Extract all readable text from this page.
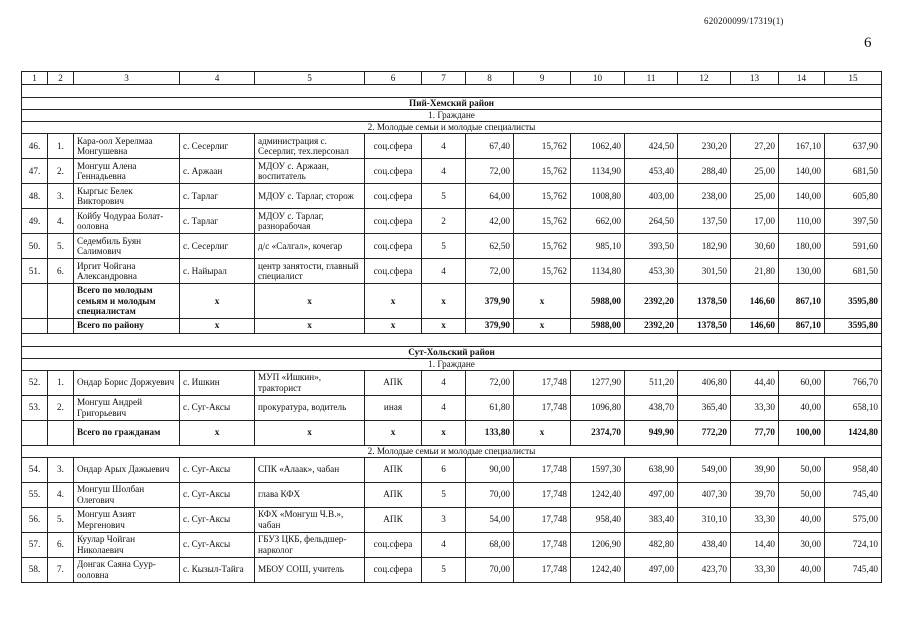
620200099/17319(1)
6
1	2	3	4	5	6	7	8	9	10	11	12	13	14	15

Пий-Хемский район														
1. Граждане														
2. Молодые семьи и молодые специалисты														
46.	1.	Кара-оол Херелмаа Монгушевна	с. Сесерлиг	администрация с. Сесерлиг, тех.персонал	соц.сфера	4	67,40	15,762	1062,40	424,50	230,20	27,20	167,10	637,90
47.	2.	Монгуш Алена Геннадьевна	с. Аржаан	МДОУ с. Аржаан, воспитатель	соц.сфера	4	72,00	15,762	1134,90	453,40	288,40	25,00	140,00	681,50
48.	3.	Кыргыс Белек Викторович	с. Тарлаг	МДОУ с. Тарлаг, сторож	соц.сфера	5	64,00	15,762	1008,80	403,00	238,00	25,00	140,00	605,80
49.	4.	Койбу Чодураа Болат-ооловна	с. Тарлаг	МДОУ с. Тарлаг, разнорабочая	соц.сфера	2	42,00	15,762	662,00	264,50	137,50	17,00	110,00	397,50
50.	5.	Седембиль Буян Салимович	с. Сесерлиг	д/с «Салгал», кочегар	соц.сфера	5	62,50	15,762	985,10	393,50	182,90	30,60	180,00	591,60
51.	6.	Иргит Чойгана Александровна	с. Найырал	центр занятости, главный специалист	соц.сфера	4	72,00	15,762	1134,80	453,30	301,50	21,80	130,00	681,50
		Всего по молодым семьям и молодым специалистам	х	х	х	х	379,90	х	5988,00	2392,20	1378,50	146,60	867,10	3595,80
		Всего по району	х	х	х	х	379,90	х	5988,00	2392,20	1378,50	146,60	867,10	3595,80

Сут-Хольский район														
1. Граждане														
52.	1.	Ондар Борис Доржуевич	с. Ишкин	МУП «Ишкин», тракторист	АПК	4	72,00	17,748	1277,90	511,20	406,80	44,40	60,00	766,70
53.	2.	Монгуш Андрей Григорьевич	с. Суг-Аксы	прокуратура, водитель	иная	4	61,80	17,748	1096,80	438,70	365,40	33,30	40,00	658,10
		Всего по гражданам	х	х	х	х	133,80	х	2374,70	949,90	772,20	77,70	100,00	1424,80
2. Молодые семьи и молодые специалисты														
54.	3.	Ондар Арых Дажыевич	с. Суг-Аксы	СПК «Алаак», чабан	АПК	6	90,00	17,748	1597,30	638,90	549,00	39,90	50,00	958,40
55.	4.	Монгуш Шолбан Олегович	с. Суг-Аксы	глава КФХ	АПК	5	70,00	17,748	1242,40	497,00	407,30	39,70	50,00	745,40
56.	5.	Монгуш Азият Мергенович	с. Суг-Аксы	КФХ «Монгуш Ч.В.», чабан	АПК	3	54,00	17,748	958,40	383,40	310,10	33,30	40,00	575,00
57.	6.	Куулар Чойган Николаевич	с. Суг-Аксы	ГБУЗ ЦКБ, фельдшер-нарколог	соц.сфера	4	68,00	17,748	1206,90	482,80	438,40	14,40	30,00	724,10
58.	7.	Донгак Саяна Суур-ооловна	с. Кызыл-Тайга	МБОУ СОШ, учитель	соц.сфера	5	70,00	17,748	1242,40	497,00	423,70	33,30	40,00	745,40
